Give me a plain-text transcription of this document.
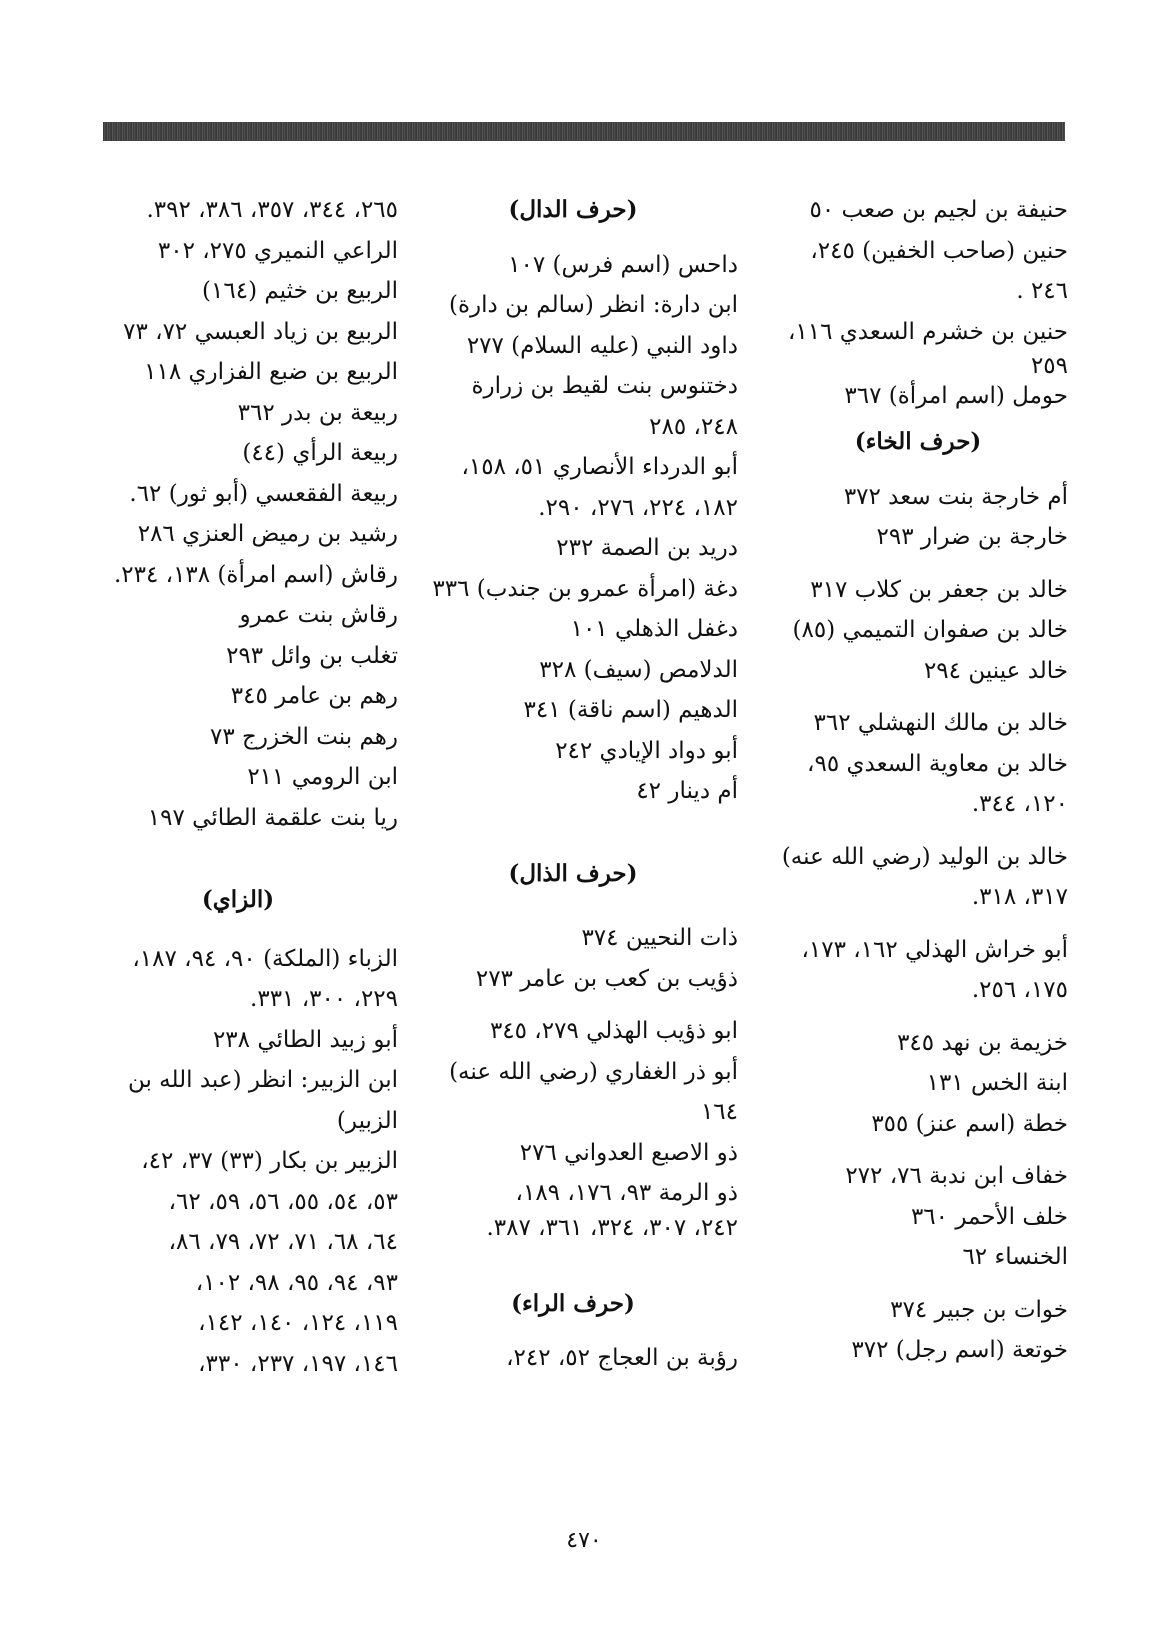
حنيفة بن لجيم بن صعب ٥٠

حنين (صاحب الخفين) ٢٤٥،

٢٤٦ .

حنين بن خشرم السعدي ١١٦،

٢٥٩

حومل (اسم امرأة) ٣٦٧

(حرف الخاء)

أم خارجة بنت سعد ٣٧٢

خارجة بن ضرار ٢٩٣

خالد بن جعفر بن كلاب ٣١٧

خالد بن صفوان التميمي (٨٥)

خالد عينين ٢٩٤

خالد بن مالك النهشلي ٣٦٢

خالد بن معاوية السعدي ٩٥،

١٢٠، ٣٤٤.

خالد بن الوليد (رضي الله عنه)

٣١٧، ٣١٨.

أبو خراش الهذلي ١٦٢، ١٧٣،

١٧٥، ٢٥٦.

خزيمة بن نهد ٣٤٥

ابنة الخس ١٣١

خطة (اسم عنز) ٣٥٥

خفاف ابن ندبة ٧٦، ٢٧٢

خلف الأحمر ٣٦٠

الخنساء ٦٢

خوات بن جبير ٣٧٤

خوتعة (اسم رجل) ٣٧٢

(حرف الدال)

داحس (اسم فرس) ١٠٧

ابن دارة: انظر (سالم بن دارة)

داود النبي (عليه السلام) ٢٧٧

دختنوس بنت لقيط بن زرارة

٢٤٨، ٢٨٥

أبو الدرداء الأنصاري ٥١، ١٥٨،

١٨٢، ٢٢٤، ٢٧٦، ٢٩٠.

دريد بن الصمة ٢٣٢

دغة (امرأة عمرو بن جندب) ٣٣٦

دغفل الذهلي ١٠١

الدلامص (سيف) ٣٢٨

الدهيم (اسم ناقة) ٣٤١

أبو دواد الإيادي ٢٤٢

أم دينار ٤٢

(حرف الذال)

ذات النحيين ٣٧٤

ذؤيب بن كعب بن عامر ٢٧٣

ابو ذؤيب الهذلي ٢٧٩، ٣٤٥

أبو ذر الغفاري (رضي الله عنه) ١٦٤

ذو الاصبع العدواني ٢٧٦

ذو الرمة ٩٣، ١٧٦، ١٨٩،

٢٤٢، ٣٠٧، ٣٢٤، ٣٦١، ٣٨٧.

(حرف الراء)

رؤبة بن العجاج ٥٢، ٢٤٢،

٢٦٥، ٣٤٤، ٣٥٧، ٣٨٦، ٣٩٢.

الراعي النميري ٢٧٥، ٣٠٢

الربيع بن خثيم (١٦٤)

الربيع بن زياد العبسي ٧٢، ٧٣

الربيع بن ضبع الفزاري ١١٨

ربيعة بن بدر ٣٦٢

ربيعة الرأي (٤٤)

ربيعة الفقعسي (أبو ثور) ٦٢.

رشيد بن رميض العنزي ٢٨٦

رقاش (اسم امرأة) ١٣٨، ٢٣٤.

رقاش بنت عمرو

تغلب بن وائل ٢٩٣

رهم بن عامر ٣٤٥

رهم بنت الخزرج ٧٣

ابن الرومي ٢١١

ريا بنت علقمة الطائي ١٩٧

(الزاي)

الزباء (الملكة) ٩٠، ٩٤، ١٨٧،

٢٢٩، ٣٠٠، ٣٣١.

أبو زبيد الطائي ٢٣٨

ابن الزبير: انظر (عبد الله بن

الزبير)

الزبير بن بكار (٣٣) ٣٧، ٤٢،

٥٣، ٥٤، ٥٥، ٥٦، ٥٩، ٦٢،

٦٤، ٦٨، ٧١، ٧٢، ٧٩، ٨٦،

٩٣، ٩٤، ٩٥، ٩٨، ١٠٢،

١١٩، ١٢٤، ١٤٠، ١٤٢،

١٤٦، ١٩٧، ٢٣٧، ٣٣٠،

٤٧٠
